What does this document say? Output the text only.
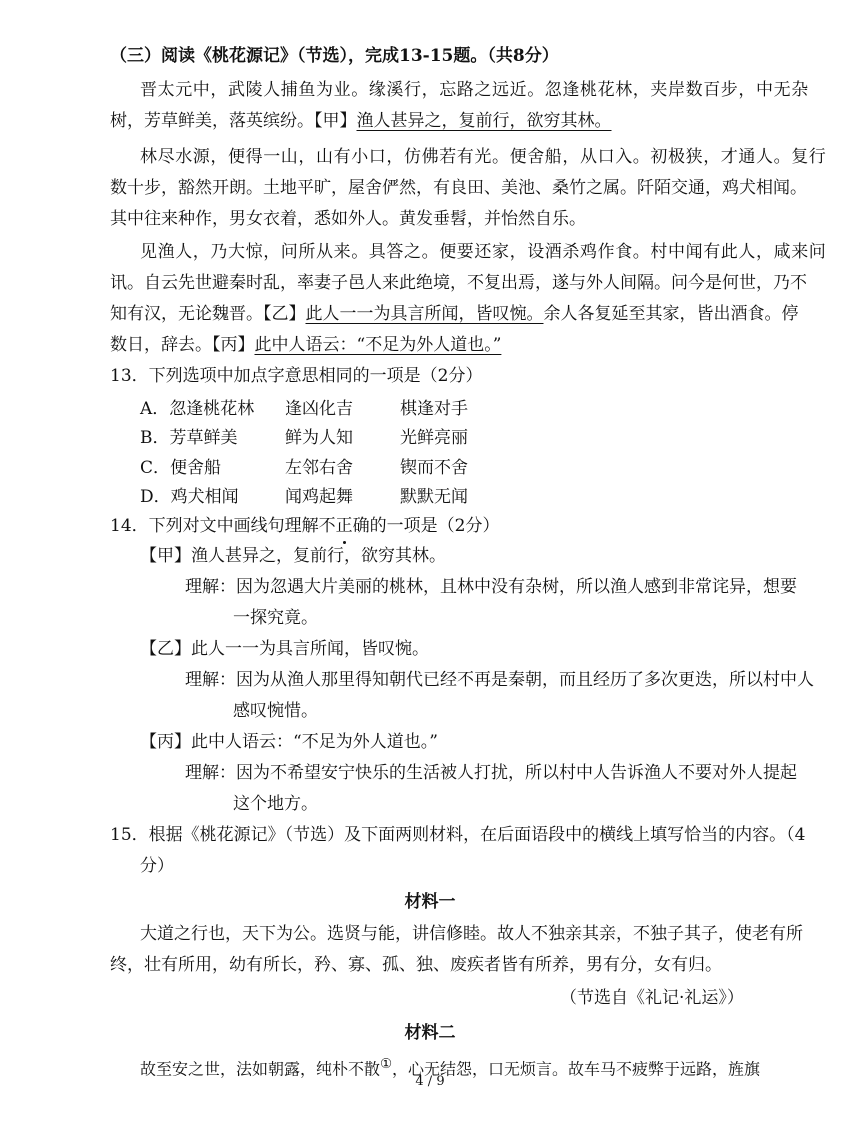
（三）阅读《桃花源记》（节选），完成13-15题。（共8分）
晋太元中，武陵人捕鱼为业。缘溪行，忘路之远近。忽逢桃花林，夹岸数百步，中无杂
树，芳草鲜美，落英缤纷。【甲】渔人甚异之，复前行，欲穷其林。
林尽水源，便得一山，山有小口，仿佛若有光。便舍船，从口入。初极狭，才通人。复行
数十步，豁然开朗。土地平旷，屋舍俨然，有良田、美池、桑竹之属。阡陌交通，鸡犬相闻。
其中往来种作，男女衣着，悉如外人。黄发垂髫，并怡然自乐。
见渔人，乃大惊，问所从来。具答之。便要还家，设酒杀鸡作食。村中闻有此人，咸来问
讯。自云先世避秦时乱，率妻子邑人来此绝境，不复出焉，遂与外人间隔。问今是何世，乃不
知有汉，无论魏晋。【乙】此人一一为具言所闻，皆叹惋。余人各复延至其家，皆出酒食。停
数日，辞去。【丙】此中人语云：“不足为外人道也。”
13．下列选项中加点字意思相同的一项是（2分）
A．忽逢桃花林 逢凶化吉	棋逢对手
B．芳草鲜美	鲜为人知	光鲜亮丽
C．便舍船	左邻右舍	锲而不舍
D．鸡犬相闻	闻鸡起舞	默默无闻
14．下列对文中画线句理解不正确的一项是（2分）
【甲】渔人甚异之，复前行，欲穷其林。
理解：因为忽遇大片美丽的桃林，且林中没有杂树，所以渔人感到非常诧异，想要
一探究竟。
【乙】此人一一为具言所闻，皆叹惋。
理解：因为从渔人那里得知朝代已经不再是秦朝，而且经历了多次更迭，所以村中人
感叹惋惜。
【丙】此中人语云：“不足为外人道也。”
理解：因为不希望安宁快乐的生活被人打扰，所以村中人告诉渔人不要对外人提起
这个地方。
15．根据《桃花源记》（节选）及下面两则材料，在后面语段中的横线上填写恰当的内容。（4
分）
材料一
大道之行也，天下为公。选贤与能，讲信修睦。故人不独亲其亲，不独子其子，使老有所
终，壮有所用，幼有所长，矜、寡、孤、独、废疾者皆有所养，男有分，女有归。
（节选自《礼记·礼运》）
材料二
故至安之世，法如朝露，纯朴不散①，心无结怨，口无烦言。故车马不疲弊于远路，旌旗
4 / 9
